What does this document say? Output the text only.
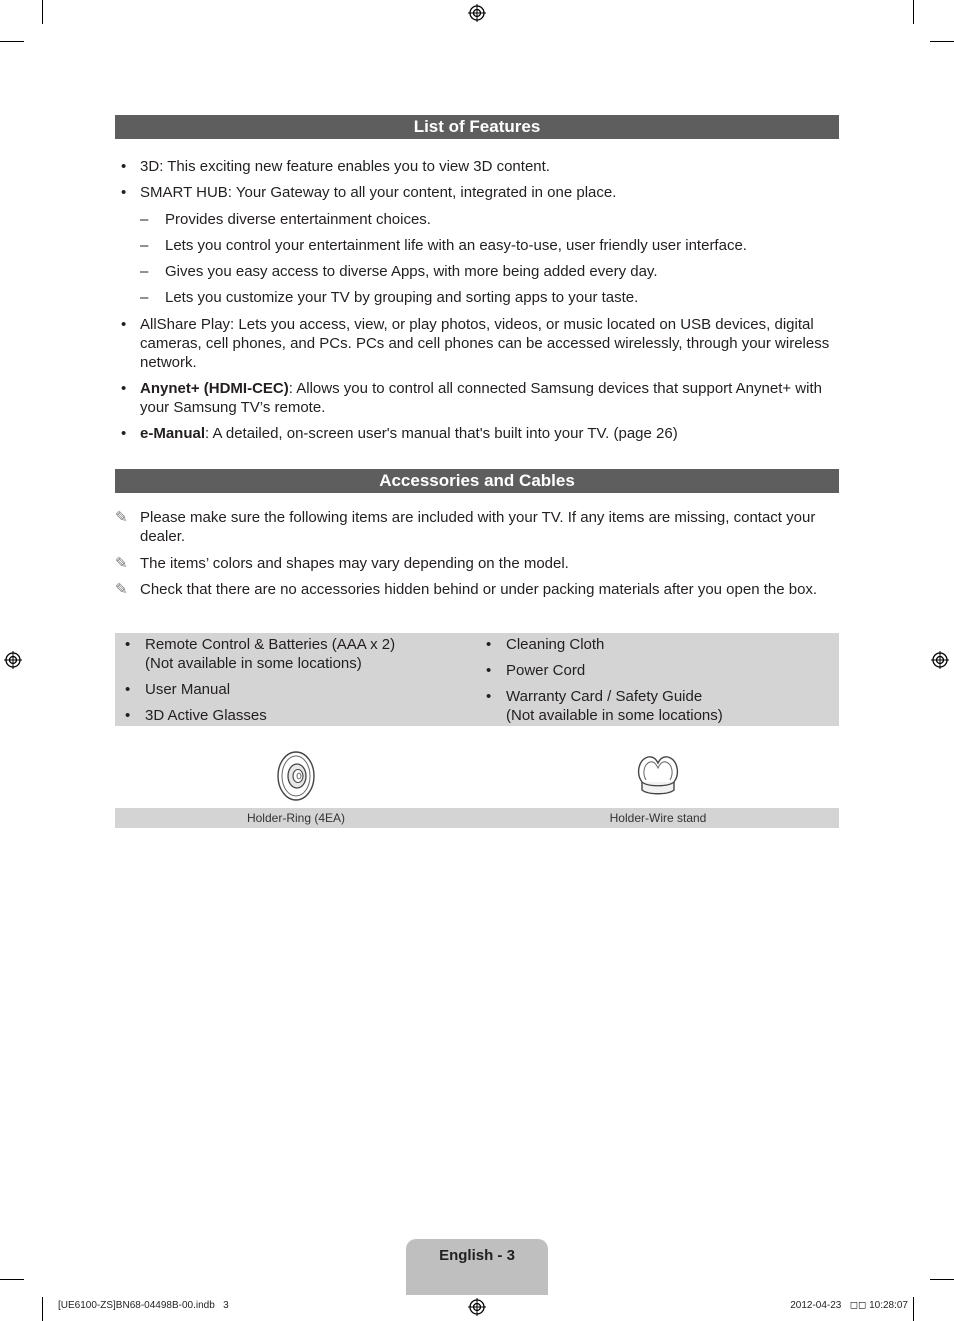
List of Features
• 3D: This exciting new feature enables you to view 3D content.
• SMART HUB: Your Gateway to all your content, integrated in one place.
– Provides diverse entertainment choices.
– Lets you control your entertainment life with an easy-to-use, user friendly user interface.
– Gives you easy access to diverse Apps, with more being added every day.
– Lets you customize your TV by grouping and sorting apps to your taste.
• AllShare Play: Lets you access, view, or play photos, videos, or music located on USB devices, digital cameras, cell phones, and PCs. PCs and cell phones can be accessed wirelessly, through your wireless network.
• Anynet+ (HDMI-CEC): Allows you to control all connected Samsung devices that support Anynet+ with your Samsung TV’s remote.
• e-Manual: A detailed, on-screen user's manual that's built into your TV. (page 26)
Accessories and Cables
✎ Please make sure the following items are included with your TV. If any items are missing, contact your dealer.
✎ The items’ colors and shapes may vary depending on the model.
✎ Check that there are no accessories hidden behind or under packing materials after you open the box.
• Remote Control & Batteries (AAA x 2)
(Not available in some locations)
• User Manual
• 3D Active Glasses
• Cleaning Cloth
• Power Cord
• Warranty Card / Safety Guide
(Not available in some locations)
Holder-Ring (4EA)	Holder-Wire stand
English - 3
[UE6100-ZS]BN68-04498B-00.indb   3	2012-04-23   ◻◻ 10:28:07
